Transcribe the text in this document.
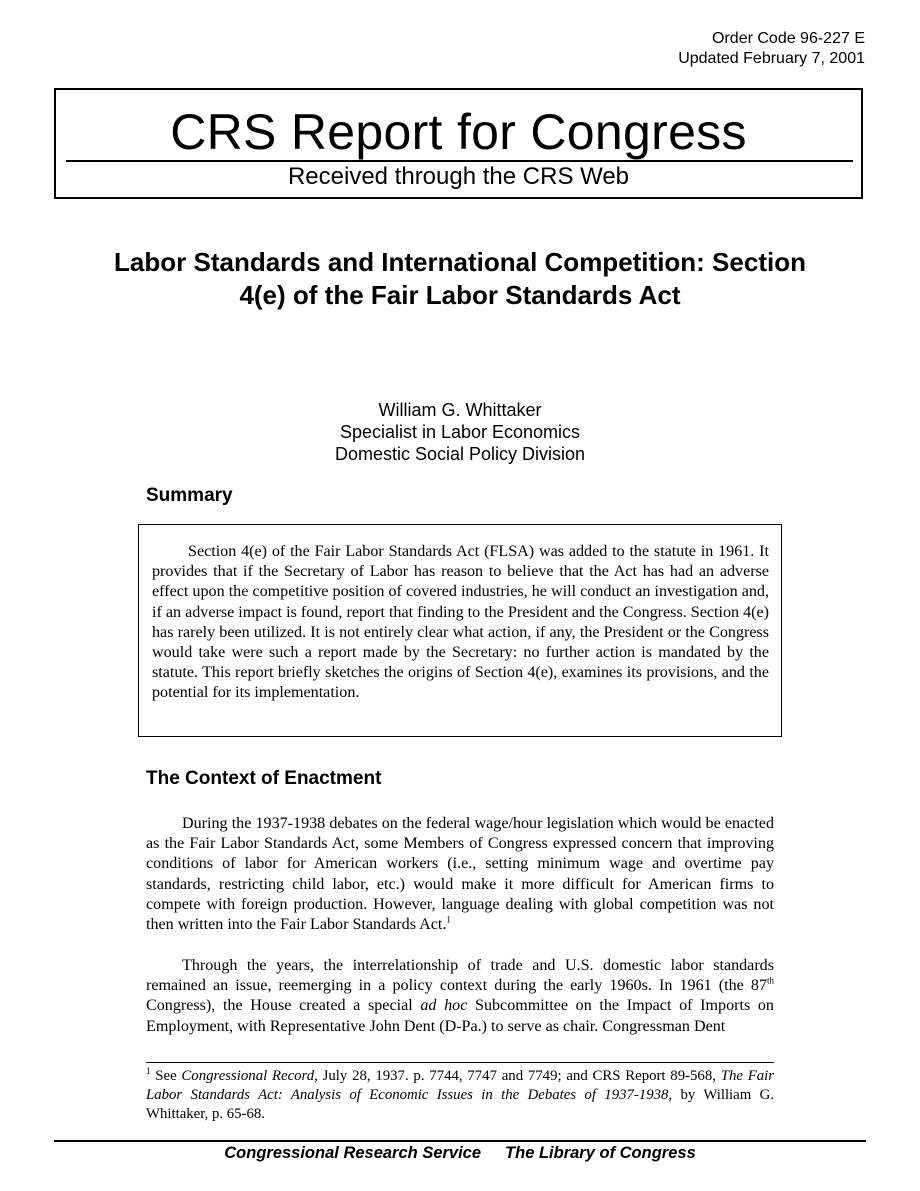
Order Code 96-227 E
Updated February 7, 2001
CRS Report for Congress
Received through the CRS Web
Labor Standards and International Competition: Section 4(e) of the Fair Labor Standards Act
William G. Whittaker
Specialist in Labor Economics
Domestic Social Policy Division
Summary

Section 4(e) of the Fair Labor Standards Act (FLSA) was added to the statute in 1961. It provides that if the Secretary of Labor has reason to believe that the Act has had an adverse effect upon the competitive position of covered industries, he will conduct an investigation and, if an adverse impact is found, report that finding to the President and the Congress. Section 4(e) has rarely been utilized. It is not entirely clear what action, if any, the President or the Congress would take were such a report made by the Secretary: no further action is mandated by the statute. This report briefly sketches the origins of Section 4(e), examines its provisions, and the potential for its implementation.

The Context of Enactment

During the 1937-1938 debates on the federal wage/hour legislation which would be enacted as the Fair Labor Standards Act, some Members of Congress expressed concern that improving conditions of labor for American workers (i.e., setting minimum wage and overtime pay standards, restricting child labor, etc.) would make it more difficult for American firms to compete with foreign production. However, language dealing with global competition was not then written into the Fair Labor Standards Act.$^1$

Through the years, the interrelationship of trade and U.S. domestic labor standards remained an issue, reemerging in a policy context during the early 1960s. In 1961 (the 87th Congress), the House created a special ad hoc Subcommittee on the Impact of Imports on Employment, with Representative John Dent (D-Pa.) to serve as chair. Congressman Dent

$^1$ See Congressional Record, July 28, 1937. p. 7744, 7747 and 7749; and CRS Report 89-568, The Fair Labor Standards Act: Analysis of Economic Issues in the Debates of 1937-1938, by William G. Whittaker, p. 65-68.

Congressional Research Service The Library of Congress
